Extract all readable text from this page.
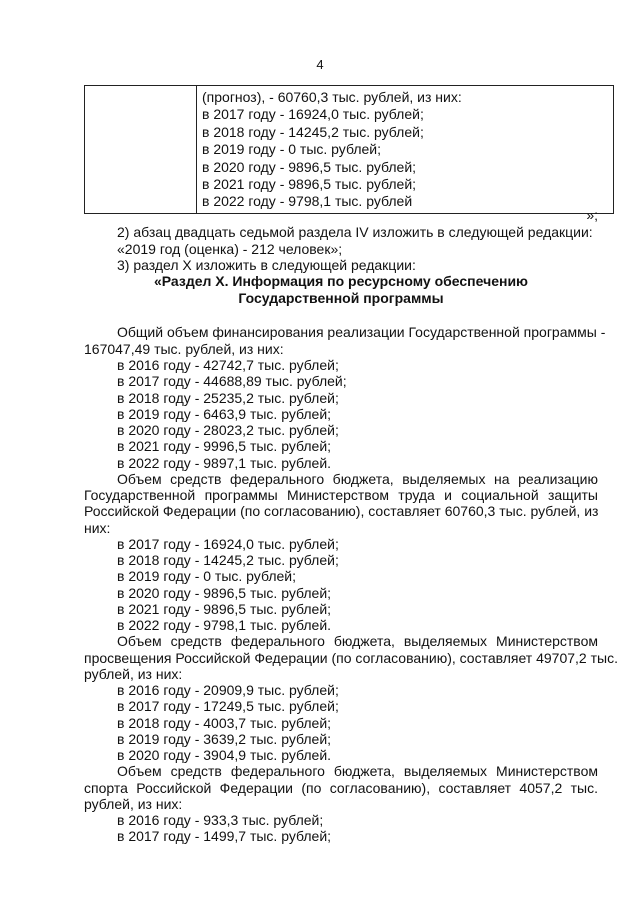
4

(прогноз), - 60760,3 тыс. рублей, из них:
в 2017 году - 16924,0 тыс. рублей;
в 2018 году - 14245,2 тыс. рублей;
в 2019 году - 0 тыс. рублей;
в 2020 году - 9896,5 тыс. рублей;
в 2021 году - 9896,5 тыс. рублей;
в 2022 году - 9798,1 тыс. рублей
»;
2) абзац двадцать седьмой раздела IV изложить в следующей редакции:
«2019 год (оценка) - 212 человек»;
3) раздел X изложить в следующей редакции:
«Раздел X. Информация по ресурсному обеспечению
Государственной программы
Общий объем финансирования реализации Государственной программы -
167047,49 тыс. рублей, из них:
в 2016 году - 42742,7 тыс. рублей;
в 2017 году - 44688,89 тыс. рублей;
в 2018 году - 25235,2 тыс. рублей;
в 2019 году - 6463,9 тыс. рублей;
в 2020 году - 28023,2 тыс. рублей;
в 2021 году - 9996,5 тыс. рублей;
в 2022 году - 9897,1 тыс. рублей.
Объем средств федерального бюджета, выделяемых на реализацию
Государственной программы Министерством труда и социальной защиты
Российской Федерации (по согласованию), составляет 60760,3 тыс. рублей, из
них:
в 2017 году - 16924,0 тыс. рублей;
в 2018 году - 14245,2 тыс. рублей;
в 2019 году - 0 тыс. рублей;
в 2020 году - 9896,5 тыс. рублей;
в 2021 году - 9896,5 тыс. рублей;
в 2022 году - 9798,1 тыс. рублей.
Объем средств федерального бюджета, выделяемых Министерством
просвещения Российской Федерации (по согласованию), составляет 49707,2 тыс.
рублей, из них:
в 2016 году - 20909,9 тыс. рублей;
в 2017 году - 17249,5 тыс. рублей;
в 2018 году - 4003,7 тыс. рублей;
в 2019 году - 3639,2 тыс. рублей;
в 2020 году - 3904,9 тыс. рублей.
Объем средств федерального бюджета, выделяемых Министерством
спорта Российской Федерации (по согласованию), составляет 4057,2 тыс.
рублей, из них:
в 2016 году - 933,3 тыс. рублей;
в 2017 году - 1499,7 тыс. рублей;
